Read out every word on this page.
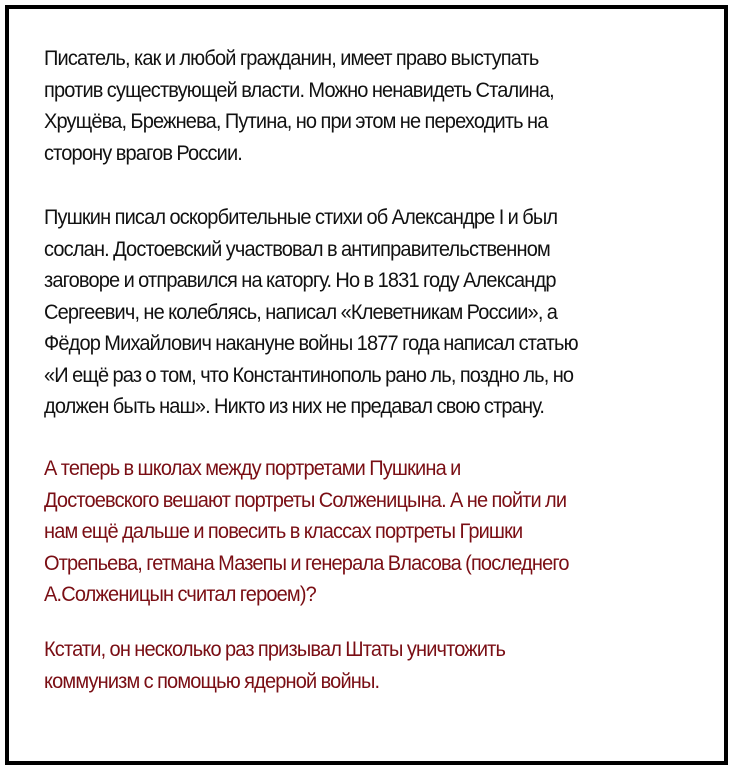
Писатель, как и любой гражданин, имеет право выступать
против существующей власти. Можно ненавидеть Сталина,
Хрущёва, Брежнева, Путина, но при этом не переходить на
сторону врагов России.
Пушкин писал оскорбительные стихи об Александре I и был
сослан. Достоевский участвовал в антиправительственном
заговоре и отправился на каторгу. Но в 1831 году Александр
Сергеевич, не колеблясь, написал «Клеветникам России», а
Фёдор Михайлович накануне войны 1877 года написал статью
«И ещё раз о том, что Константинополь рано ль, поздно ль, но
должен быть наш». Никто из них не предавал свою страну.
А теперь в школах между портретами Пушкина и
Достоевского вешают портреты Солженицына. А не пойти ли
нам ещё дальше и повесить в классах портреты Гришки
Отрепьева, гетмана Мазепы и генерала Власова (последнего
А.Солженицын считал героем)?
Кстати, он несколько раз призывал Штаты уничтожить
коммунизм с помощью ядерной войны.
